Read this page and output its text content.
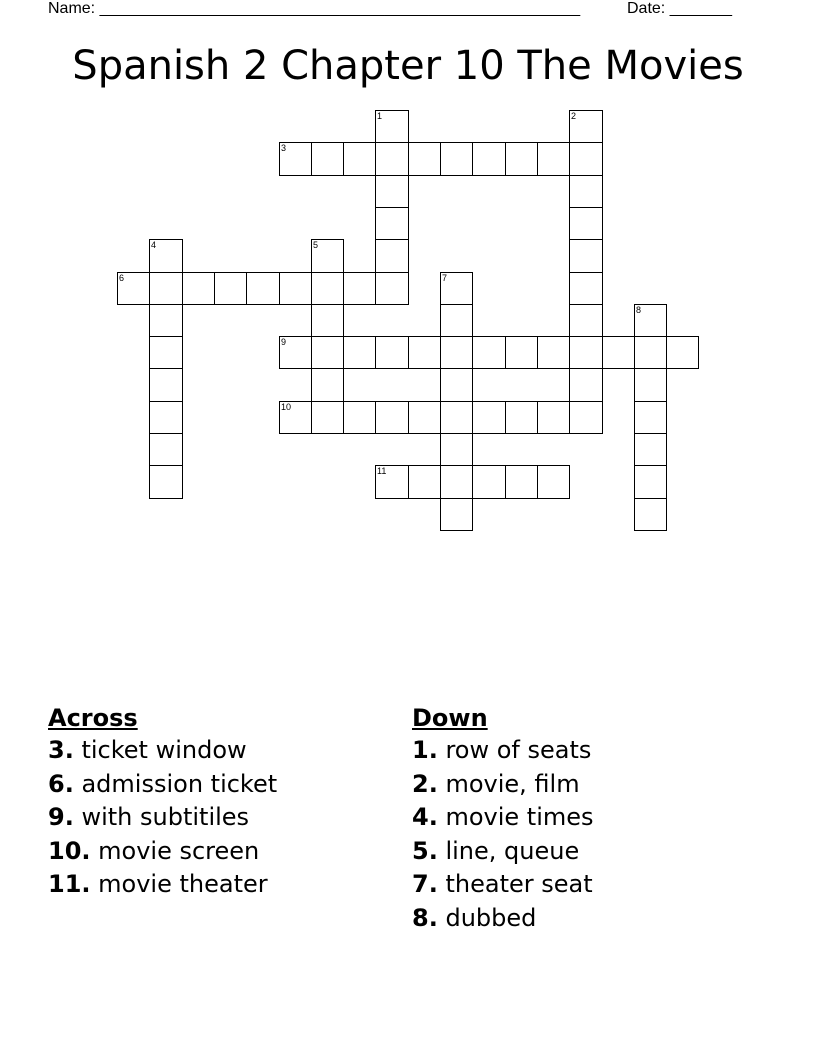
Name: ______________________________________________________	Date: _______
Spanish 2 Chapter 10 The Movies
1	2
3
4	5
6	7
8
9
10
11
Across
3. ticket window
6. admission ticket
9. with subtitiles
10. movie screen
11. movie theater
Down
1. row of seats
2. movie, film
4. movie times
5. line, queue
7. theater seat
8. dubbed
